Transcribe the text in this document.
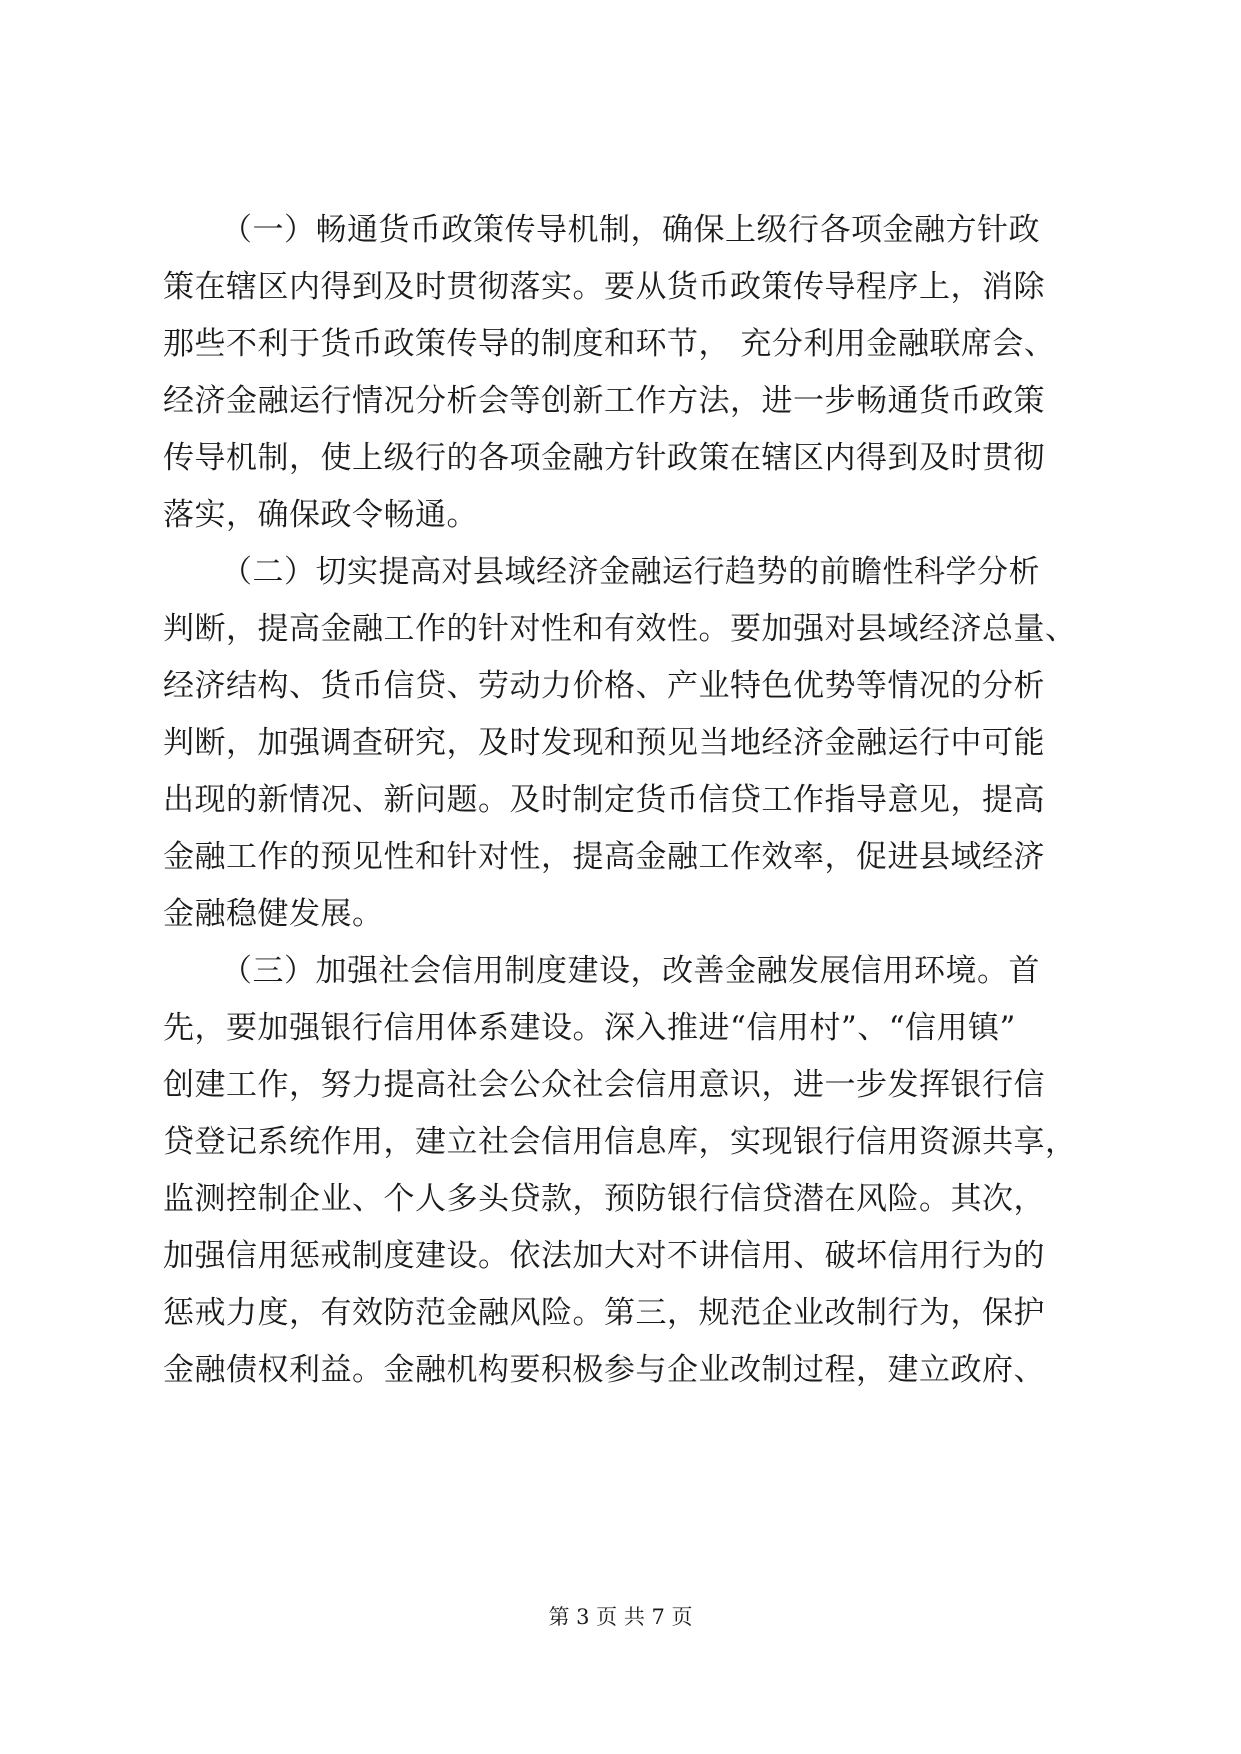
（一）畅通货币政策传导机制，确保上级行各项金融方针政
策在辖区内得到及时贯彻落实。要从货币政策传导程序上，消除
那些不利于货币政策传导的制度和环节， 充分利用金融联席会、
经济金融运行情况分析会等创新工作方法，进一步畅通货币政策
传导机制，使上级行的各项金融方针政策在辖区内得到及时贯彻
落实，确保政令畅通。
（二）切实提高对县域经济金融运行趋势的前瞻性科学分析
判断，提高金融工作的针对性和有效性。要加强对县域经济总量、
经济结构、货币信贷、劳动力价格、产业特色优势等情况的分析
判断，加强调查研究，及时发现和预见当地经济金融运行中可能
出现的新情况、新问题。及时制定货币信贷工作指导意见，提高
金融工作的预见性和针对性，提高金融工作效率，促进县域经济
金融稳健发展。
（三）加强社会信用制度建设，改善金融发展信用环境。首
先，要加强银行信用体系建设。深入推进“信用村”、“信用镇”
创建工作，努力提高社会公众社会信用意识，进一步发挥银行信
贷登记系统作用，建立社会信用信息库，实现银行信用资源共享，
监测控制企业、个人多头贷款，预防银行信贷潜在风险。其次，
加强信用惩戒制度建设。依法加大对不讲信用、破坏信用行为的
惩戒力度，有效防范金融风险。第三，规范企业改制行为，保护
金融债权利益。金融机构要积极参与企业改制过程，建立政府、
第 3 页 共 7 页
